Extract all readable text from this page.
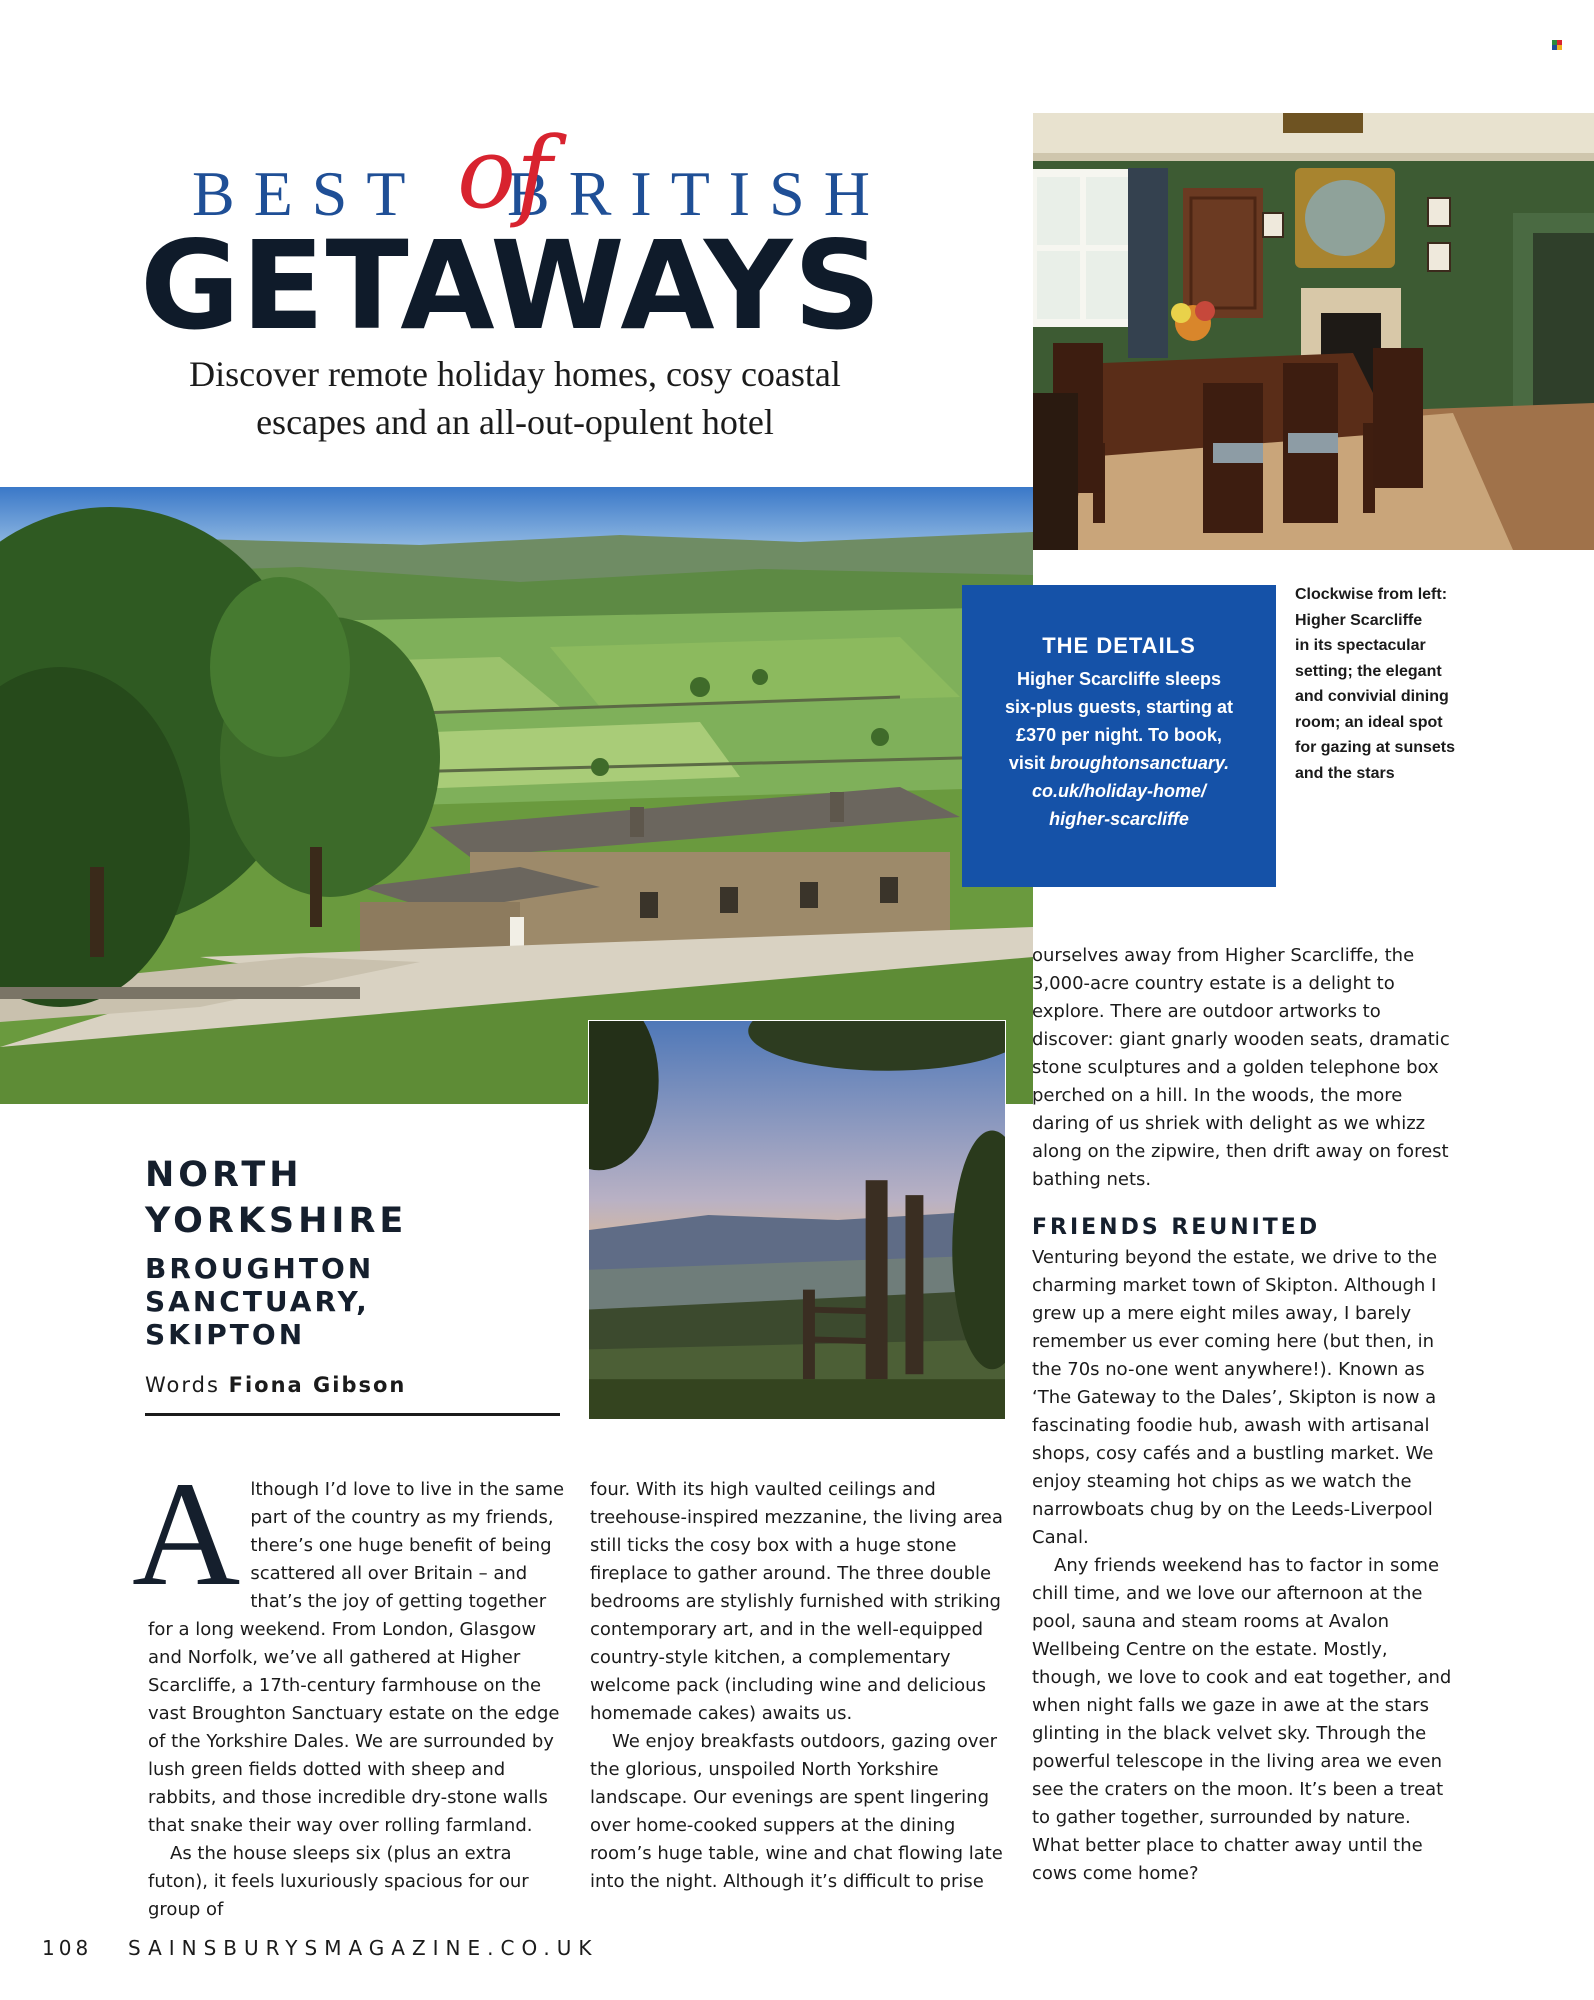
BEST BRITISH
of
GETAWAYS
Discover remote holiday homes, cosy coastal
escapes and an all-out-opulent hotel
THE DETAILS
Higher Scarcliffe sleeps
six-plus guests, starting at
£370 per night. To book,
visit broughtonsanctuary.
co.uk/holiday-home/
higher-scarcliffe
Clockwise from left:
Higher Scarcliffe
in its spectacular
setting; the elegant
and convivial dining
room; an ideal spot
for gazing at sunsets
and the stars
NORTH
YORKSHIRE
BROUGHTON
SANCTUARY,
SKIPTON
Words Fiona Gibson

Although I’d love to live in the same part of the country as my friends, there’s one huge benefit of being scattered all over Britain – and that’s the joy of getting together for a long weekend. From London, Glasgow and Norfolk, we’ve all gathered at Higher Scarcliffe, a 17th-century farmhouse on the vast Broughton Sanctuary estate on the edge of the Yorkshire Dales. We are surrounded by lush green fields dotted with sheep and rabbits, and those incredible dry-stone walls that snake their way over rolling farmland.

As the house sleeps six (plus an extra futon), it feels luxuriously spacious for our group of

four. With its high vaulted ceilings and treehouse-inspired mezzanine, the living area still ticks the cosy box with a huge stone fireplace to gather around. The three double bedrooms are stylishly furnished with striking contemporary art, and in the well-equipped country-style kitchen, a complementary welcome pack (including wine and delicious homemade cakes) awaits us.

We enjoy breakfasts outdoors, gazing over the glorious, unspoiled North Yorkshire landscape. Our evenings are spent lingering over home-cooked suppers at the dining room’s huge table, wine and chat flowing late into the night. Although it’s difficult to prise

ourselves away from Higher Scarcliffe, the 3,000-acre country estate is a delight to explore. There are outdoor artworks to discover: giant gnarly wooden seats, dramatic stone sculptures and a golden telephone box perched on a hill. In the woods, the more daring of us shriek with delight as we whizz along on the zipwire, then drift away on forest bathing nets.

FRIENDS REUNITED

Venturing beyond the estate, we drive to the charming market town of Skipton. Although I grew up a mere eight miles away, I barely remember us ever coming here (but then, in the 70s no-one went anywhere!). Known as ‘The Gateway to the Dales’, Skipton is now a fascinating foodie hub, awash with artisanal shops, cosy cafés and a bustling market. We enjoy steaming hot chips as we watch the narrowboats chug by on the Leeds-Liverpool Canal.

Any friends weekend has to factor in some chill time, and we love our afternoon at the pool, sauna and steam rooms at Avalon Wellbeing Centre on the estate. Mostly, though, we love to cook and eat together, and when night falls we gaze in awe at the stars glinting in the black velvet sky. Through the powerful telescope in the living area we even see the craters on the moon. It’s been a treat to gather together, surrounded by nature. What better place to chatter away until the cows come home?

108 SAINSBURYSMAGAZINE.CO.UK
